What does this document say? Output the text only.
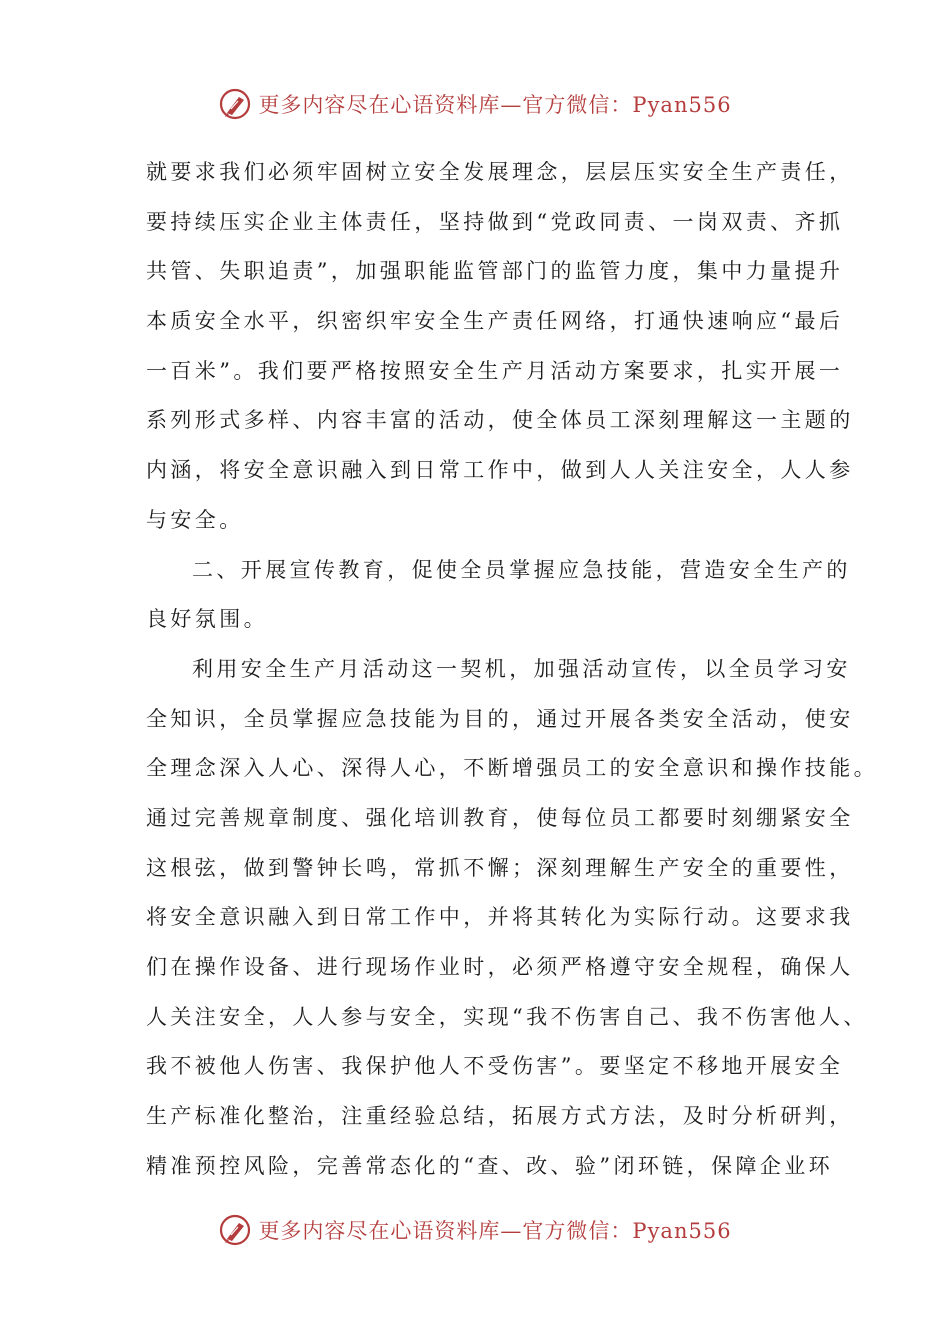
更多内容尽在心语资料库—官方微信：Pyan556
就要求我们必须牢固树立安全发展理念，层层压实安全生产责任，
要持续压实企业主体责任，坚持做到“党政同责、一岗双责、齐抓
共管、失职追责”，加强职能监管部门的监管力度，集中力量提升
本质安全水平，织密织牢安全生产责任网络，打通快速响应“最后
一百米”。我们要严格按照安全生产月活动方案要求，扎实开展一
系列形式多样、内容丰富的活动，使全体员工深刻理解这一主题的
内涵，将安全意识融入到日常工作中，做到人人关注安全，人人参
与安全。
二、开展宣传教育，促使全员掌握应急技能，营造安全生产的
良好氛围。
利用安全生产月活动这一契机，加强活动宣传，以全员学习安
全知识，全员掌握应急技能为目的，通过开展各类安全活动，使安
全理念深入人心、深得人心，不断增强员工的安全意识和操作技能。
通过完善规章制度、强化培训教育，使每位员工都要时刻绷紧安全
这根弦，做到警钟长鸣，常抓不懈；深刻理解生产安全的重要性，
将安全意识融入到日常工作中，并将其转化为实际行动。这要求我
们在操作设备、进行现场作业时，必须严格遵守安全规程，确保人
人关注安全，人人参与安全，实现“我不伤害自己、我不伤害他人、
我不被他人伤害、我保护他人不受伤害”。要坚定不移地开展安全
生产标准化整治，注重经验总结，拓展方式方法，及时分析研判，
精准预控风险，完善常态化的“查、改、验”闭环链，保障企业环
更多内容尽在心语资料库—官方微信：Pyan556
